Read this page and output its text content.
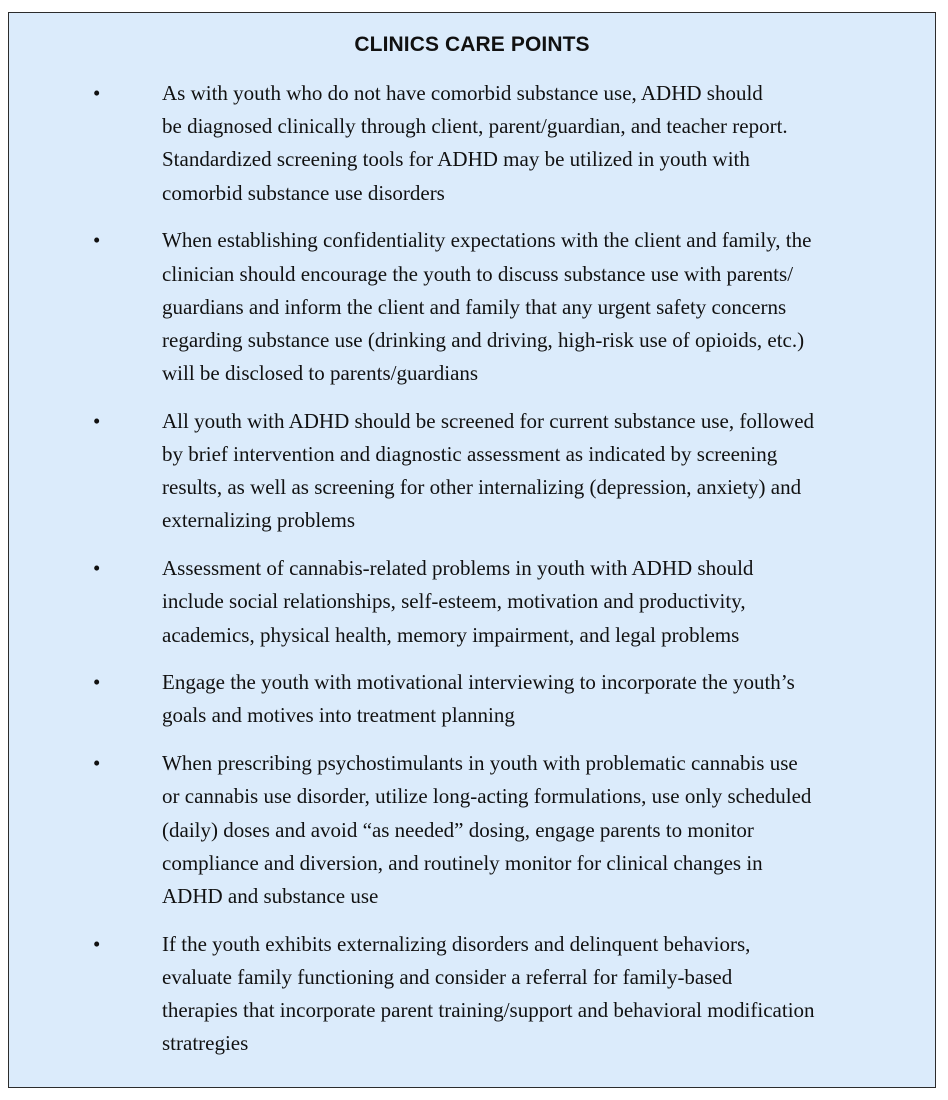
CLINICS CARE POINTS
•	As with youth who do not have comorbid substance use, ADHD should
be diagnosed clinically through client, parent/guardian, and teacher report.
Standardized screening tools for ADHD may be utilized in youth with
comorbid substance use disorders
•	When establishing confidentiality expectations with the client and family, the
clinician should encourage the youth to discuss substance use with parents/
guardians and inform the client and family that any urgent safety concerns
regarding substance use (drinking and driving, high-risk use of opioids, etc.)
will be disclosed to parents/guardians
•	All youth with ADHD should be screened for current substance use, followed
by brief intervention and diagnostic assessment as indicated by screening
results, as well as screening for other internalizing (depression, anxiety) and
externalizing problems
•	Assessment of cannabis-related problems in youth with ADHD should
include social relationships, self-esteem, motivation and productivity,
academics, physical health, memory impairment, and legal problems
•	Engage the youth with motivational interviewing to incorporate the youth’s
goals and motives into treatment planning
•	When prescribing psychostimulants in youth with problematic cannabis use
or cannabis use disorder, utilize long-acting formulations, use only scheduled
(daily) doses and avoid “as needed” dosing, engage parents to monitor
compliance and diversion, and routinely monitor for clinical changes in
ADHD and substance use
•	If the youth exhibits externalizing disorders and delinquent behaviors,
evaluate family functioning and consider a referral for family-based
therapies that incorporate parent training/support and behavioral modification
stratregies
